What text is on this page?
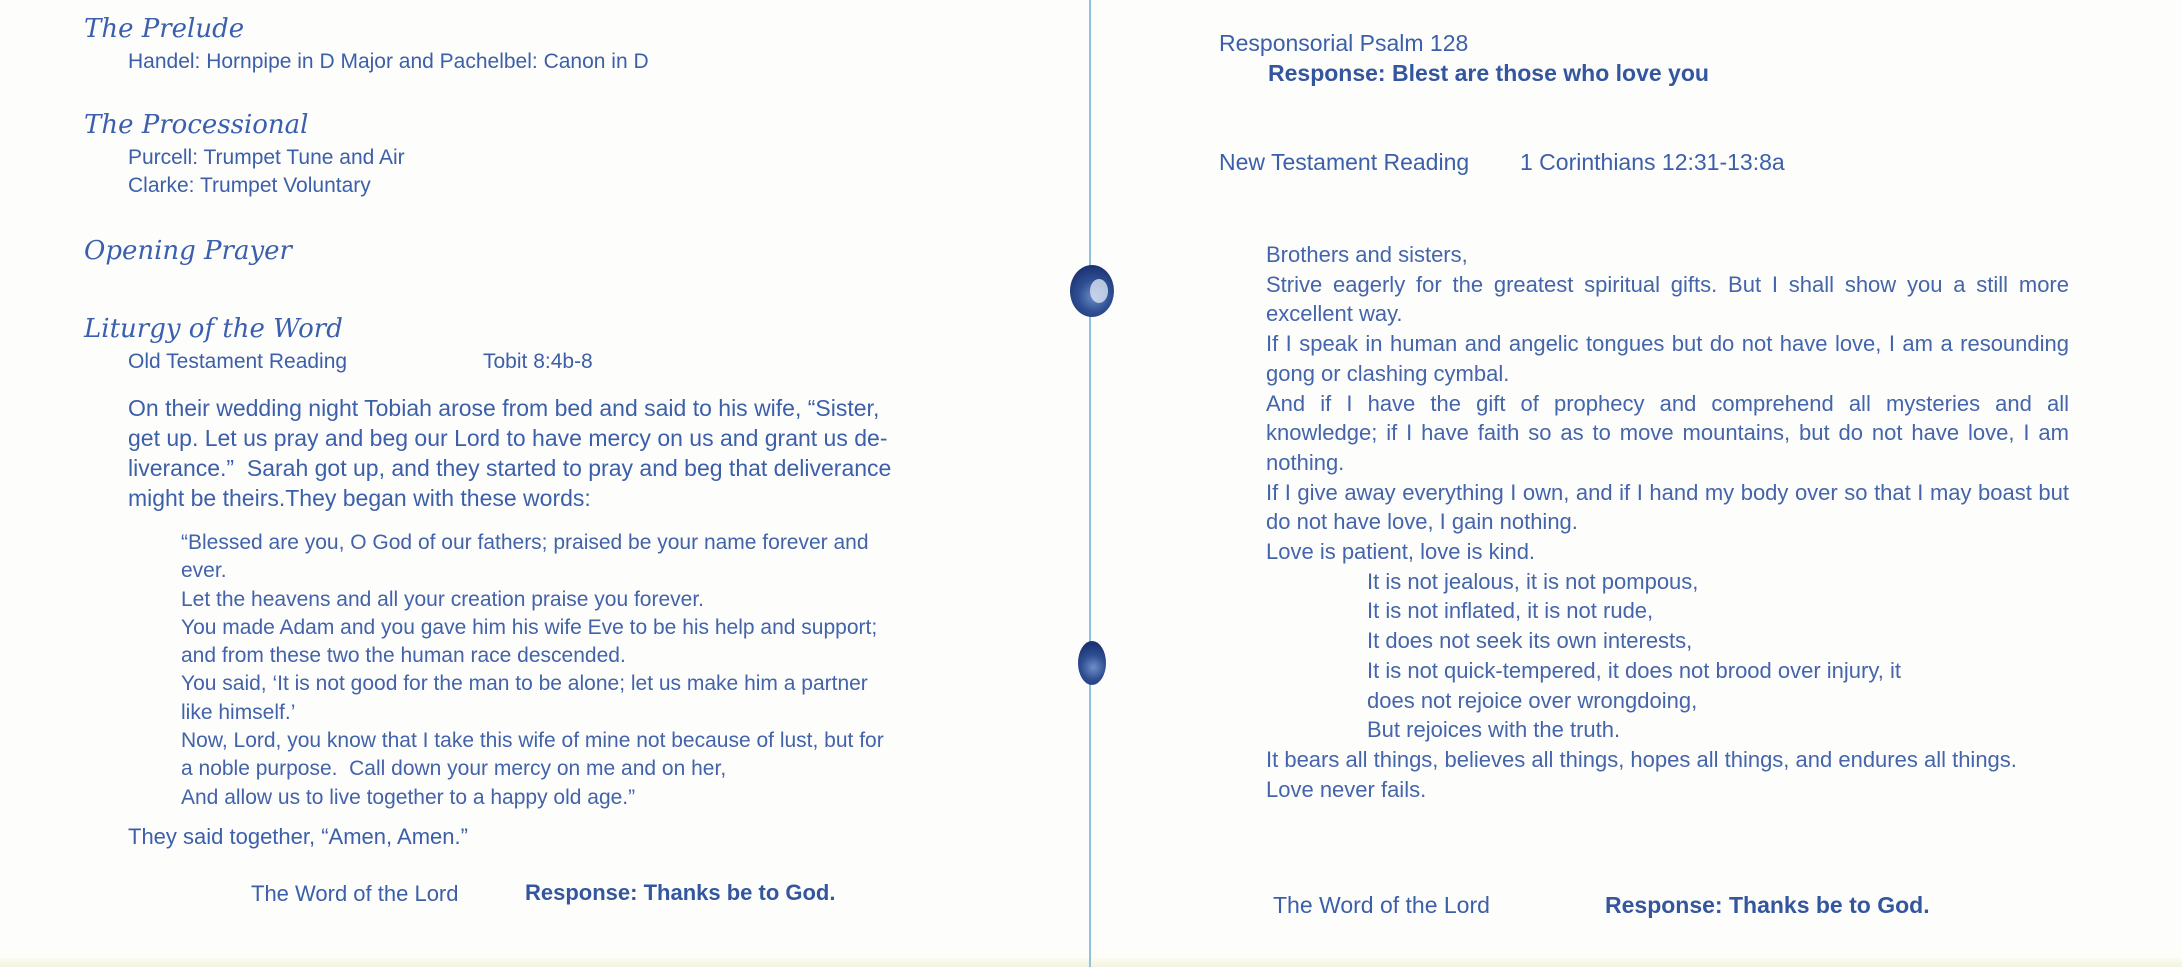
The Prelude
Handel: Hornpipe in D Major and Pachelbel: Canon in D
The Processional
Purcell: Trumpet Tune and Air
Clarke: Trumpet Voluntary
Opening Prayer
Liturgy of the Word
Old Testament Reading	Tobit 8:4b-8
On their wedding night Tobiah arose from bed and said to his wife, “Sister,
get up. Let us pray and beg our Lord to have mercy on us and grant us de-
liverance.”  Sarah got up, and they started to pray and beg that deliverance
might be theirs.They began with these words:
“Blessed are you, O God of our fathers; praised be your name forever and
ever.
Let the heavens and all your creation praise you forever.
You made Adam and you gave him his wife Eve to be his help and support;
and from these two the human race descended.
You said, ‘It is not good for the man to be alone; let us make him a partner
like himself.’
Now, Lord, you know that I take this wife of mine not because of lust, but for
a noble purpose.  Call down your mercy on me and on her,
And allow us to live together to a happy old age.”
They said together, “Amen, Amen.”
The Word of the Lord	Response: Thanks be to God.
Responsorial Psalm 128
Response: Blest are those who love you
New Testament Reading 1 Corinthians 12:31-13:8a
Brothers and sisters,
Strive eagerly for the greatest spiritual gifts. But I shall show you a still more excellent way.
If I speak in human and angelic tongues but do not have love, I am a resounding gong or clashing cymbal.
And if I have the gift of prophecy and comprehend all mysteries and all knowledge; if I have faith so as to move mountains, but do not have love, I am nothing.
If I give away everything I own, and if I hand my body over so that I may boast but do not have love, I gain nothing.
Love is patient, love is kind.
It is not jealous, it is not pompous,
It is not inflated, it is not rude,
It does not seek its own interests,
It is not quick-tempered, it does not brood over injury, it does not rejoice over wrongdoing,
But rejoices with the truth.
It bears all things, believes all things, hopes all things, and endures all things.
Love never fails.
The Word of the Lord	Response: Thanks be to God.
